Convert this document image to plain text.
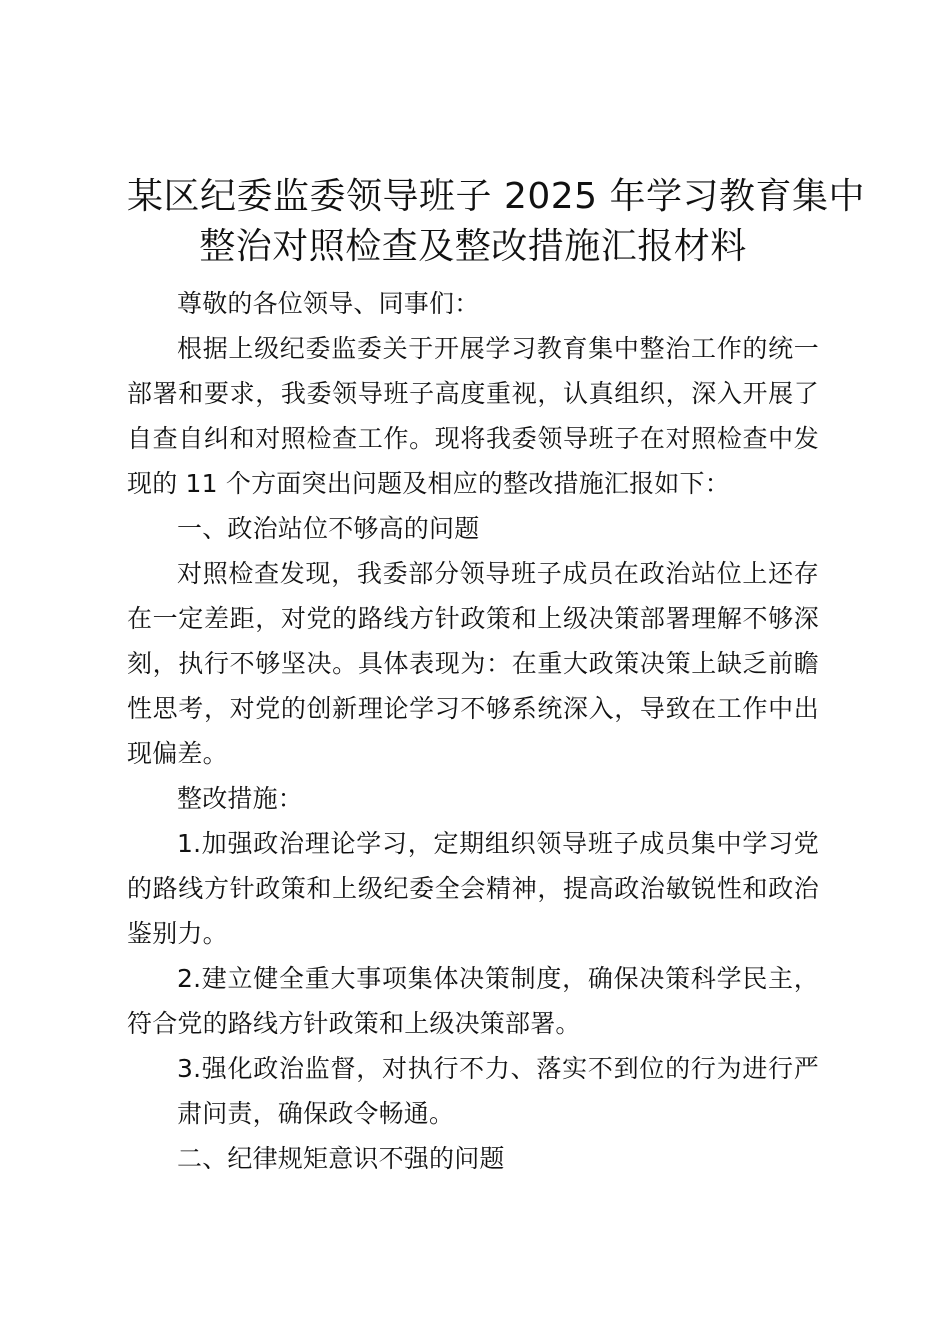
某区纪委监委领导班子 2025 年学习教育集中
整治对照检查及整改措施汇报材料

尊敬的各位领导、同事们：

根据上级纪委监委关于开展学习教育集中整治工作的统一部署和要求，我委领导班子高度重视，认真组织，深入开展了自查自纠和对照检查工作。现将我委领导班子在对照检查中发现的 11 个方面突出问题及相应的整改措施汇报如下：

一、政治站位不够高的问题

对照检查发现，我委部分领导班子成员在政治站位上还存在一定差距，对党的路线方针政策和上级决策部署理解不够深刻，执行不够坚决。具体表现为：在重大政策决策上缺乏前瞻性思考，对党的创新理论学习不够系统深入，导致在工作中出现偏差。

整改措施：

1.加强政治理论学习，定期组织领导班子成员集中学习党的路线方针政策和上级纪委全会精神，提高政治敏锐性和政治鉴别力。

2.建立健全重大事项集体决策制度，确保决策科学民主，符合党的路线方针政策和上级决策部署。

3.强化政治监督，对执行不力、落实不到位的行为进行严肃问责，确保政令畅通。

二、纪律规矩意识不强的问题
